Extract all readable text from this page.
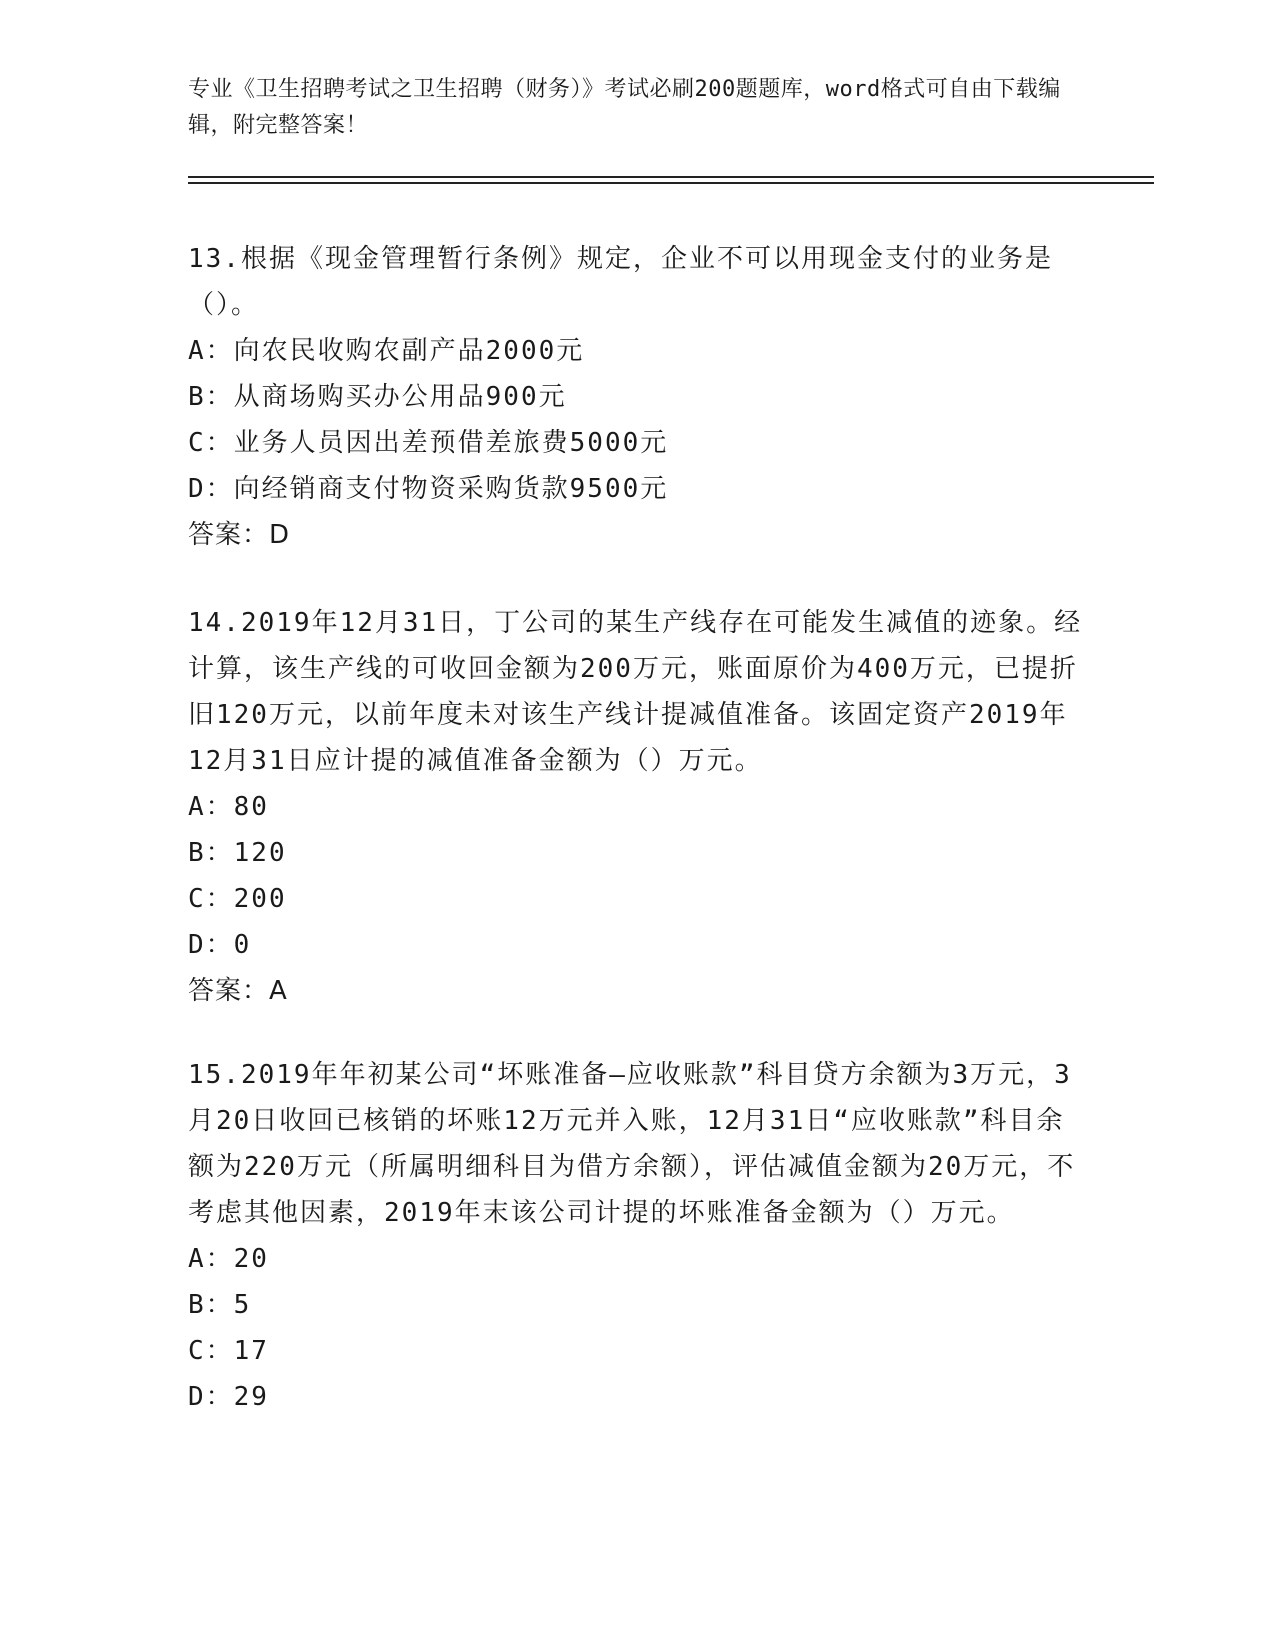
专业《卫生招聘考试之卫生招聘（财务）》考试必刷200题题库，word格式可自由下载编辑，附完整答案！
13.根据《现金管理暂行条例》规定，企业不可以用现金支付的业务是（）。
A：向农民收购农副产品2000元
B：从商场购买办公用品900元
C：业务人员因出差预借差旅费5000元
D：向经销商支付物资采购货款9500元
答案：D
14.2019年12月31日，丁公司的某生产线存在可能发生减值的迹象。经计算，该生产线的可收回金额为200万元，账面原价为400万元，已提折旧120万元，以前年度未对该生产线计提减值准备。该固定资产2019年12月31日应计提的减值准备金额为（）万元。
A：80
B：120
C：200
D：0
答案：A
15.2019年年初某公司“坏账准备—应收账款”科目贷方余额为3万元，3月20日收回已核销的坏账12万元并入账，12月31日“应收账款”科目余额为220万元（所属明细科目为借方余额），评估减值金额为20万元，不考虑其他因素，2019年末该公司计提的坏账准备金额为（）万元。
A：20
B：5
C：17
D：29
